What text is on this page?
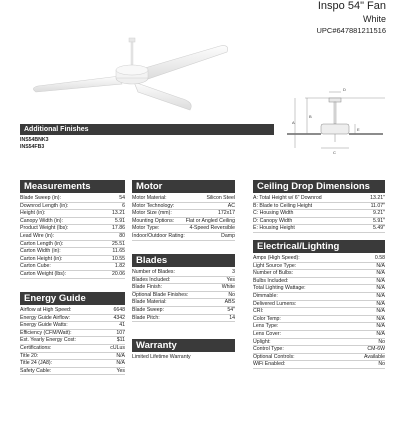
Inspo 54" Fan
White
UPC#647881211516
A
B
C
D
E
Additional Finishes
INS54BNK3
INS54FB3
Measurements
Blade Sweep (in):	54
Downrod Length (in):	6
Height (in):	13.21
Canopy Width (in):	5.91
Product Weight (lbs):	17.86
Lead Wire (in):	80
Carton Length (in):	25.51
Carton Width (in):	11.65
Carton Height (in):	10.55
Carton Cube:	1.82
Carton Weight (lbs):	20.06
Energy Guide
Airflow at High Speed:	6648
Energy Guide Airflow:	4342
Energy Guide Watts:	41
Efficiency (CFM/Watt):	107
Est. Yearly Energy Cost:	$11
Certifications:	cULus
Title 20:	N/A
Title 24 (JA8):	N/A
Safety Cable:	Yes
Motor
Motor Material:	Silicon Steel
Motor Technology:	AC
Motor Size (mm):	172x17
Mounting Options: Flat or Angled Ceiling
Motor Type:	4-Speed Reversible
Indoor/Outdoor Rating:	Damp
Blades
Number of Blades:	3
Blades Included:	Yes
Blade Finish:	White
Optional Blade Finishes:	No
Blade Material:	ABS
Blade Sweep:	54"
Blade Pitch:	14
Warranty
Limited Lifetime Warranty
Ceiling Drop Dimensions
A: Total Height w/ 6" Downrod	13.21"
B: Blade to Ceiling Height	11.07"
C: Housing Width	9.21"
D: Canopy Width	5.91"
E: Housing Height	5.49"
Electrical/Lighting
Amps (High Speed):	0.58
Light Source Type:	N/A
Number of Bulbs:	N/A
Bulbs Included:	N/A
Total Lighting Wattage:	N/A
Dimmable:	N/A
Delivered Lumens:	N/A
CRI:	N/A
Color Temp:	N/A
Lens Type:	N/A
Lens Cover:	N/A
Uplight:	No
Control Type:	CM-6W
Optional Controls:	Available
WiFi Enabled:	No
